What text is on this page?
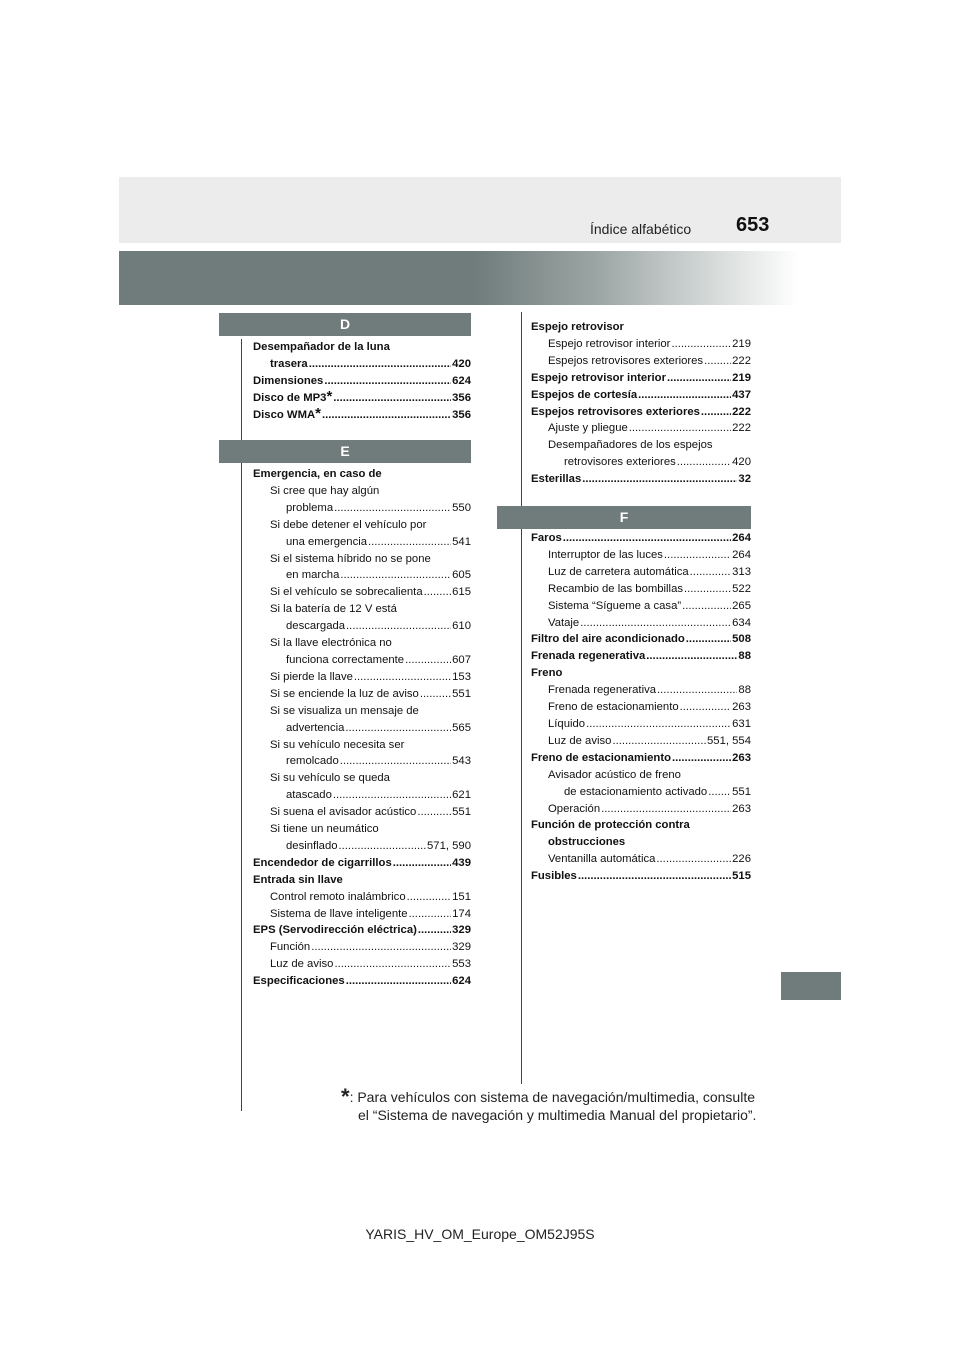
Índice alfabético 653
D
E
F
Desempañador de la luna
trasera .....	420
Dimensiones .....	624
Disco de MP3 * .....	356
Disco WMA * .....	356
Emergencia, en caso de
Si cree que hay algún
problema .....	550
Si debe detener el vehículo por
una emergencia .....	541
Si el sistema híbrido no se pone
en marcha .....	605
Si el vehículo se sobrecalienta .....	615
Si la batería de 12 V está
descargada .....	610
Si la llave electrónica no
funciona correctamente .....	607
Si pierde la llave .....	153
Si se enciende la luz de aviso .....	551
Si se visualiza un mensaje de
advertencia .....	565
Si su vehículo necesita ser
remolcado .....	543
Si su vehículo se queda
atascado .....	621
Si suena el avisador acústico .....	551
Si tiene un neumático
desinflado .....	571, 590
Encendedor de cigarrillos .....	439
Entrada sin llave
Control remoto inalámbrico .....	151
Sistema de llave inteligente .....	174
EPS (Servodirección eléctrica) .....	329
Función .....	329
Luz de aviso .....	553
Especificaciones .....	624
Espejo retrovisor
Espejo retrovisor interior .....	219
Espejos retrovisores exteriores .....	222
Espejo retrovisor interior .....	219
Espejos de cortesía .....	437
Espejos retrovisores exteriores .....	222
Ajuste y pliegue .....	222
Desempañadores de los espejos
retrovisores exteriores .....	420
Esterillas .....	32
Faros .....	264
Interruptor de las luces .....	264
Luz de carretera automática .....	313
Recambio de las bombillas .....	522
Sistema “Sígueme a casa” .....	265
Vataje .....	634
Filtro del aire acondicionado .....	508
Frenada regenerativa .....	88
Freno
Frenada regenerativa .....	88
Freno de estacionamiento .....	263
Líquido .....	631
Luz de aviso .....	551, 554
Freno de estacionamiento .....	263
Avisador acústico de freno
de estacionamiento activado ..... 551
Operación .....	263
Función de protección contra
obstrucciones
Ventanilla automática .....	226
Fusibles .....	515
*: Para vehículos con sistema de navegación/multimedia, consulte
el “Sistema de navegación y multimedia Manual del propietario”.
YARIS_HV_OM_Europe_OM52J95S
